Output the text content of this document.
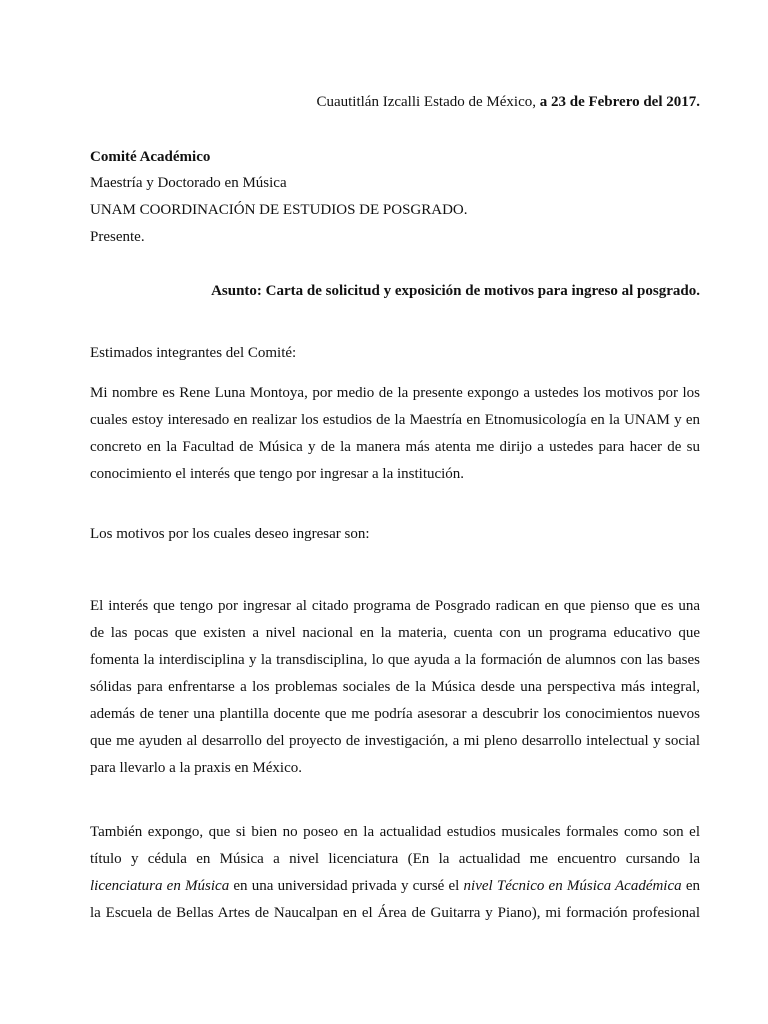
Cuautitlán Izcalli Estado de México, a 23 de Febrero del 2017.
Comité Académico
Maestría y Doctorado en Música
UNAM COORDINACIÓN DE ESTUDIOS DE POSGRADO.
Presente.
Asunto: Carta de solicitud y exposición de motivos para ingreso al posgrado.
Estimados integrantes del Comité:
Mi nombre es Rene Luna Montoya, por medio de la presente expongo a ustedes los motivos por los
cuales estoy interesado en realizar los estudios de la Maestría en Etnomusicología en la UNAM y en
concreto en la Facultad de Música y de la manera más atenta me dirijo a ustedes para hacer de su
conocimiento el interés que tengo por ingresar a la institución.
Los motivos por los cuales deseo ingresar son:
El interés que tengo por ingresar al citado programa de Posgrado radican en que pienso que es una
de las pocas que existen a nivel nacional en la materia, cuenta con un programa educativo que
fomenta la interdisciplina y la transdisciplina, lo que ayuda a la formación de alumnos con las bases
sólidas para enfrentarse a los problemas sociales de la Música desde una perspectiva más integral,
además de tener una plantilla docente que me podría asesorar a descubrir los conocimientos nuevos
que me ayuden al desarrollo del proyecto de investigación, a mi pleno desarrollo intelectual y social
para llevarlo a la praxis en México.
También expongo, que si bien no poseo en la actualidad estudios musicales formales como son el
título y cédula en Música a nivel licenciatura (En la actualidad me encuentro cursando la
licenciatura en Música en una universidad privada y cursé el nivel Técnico en Música Académica en
la Escuela de Bellas Artes de Naucalpan en el Área de Guitarra y Piano), mi formación profesional
